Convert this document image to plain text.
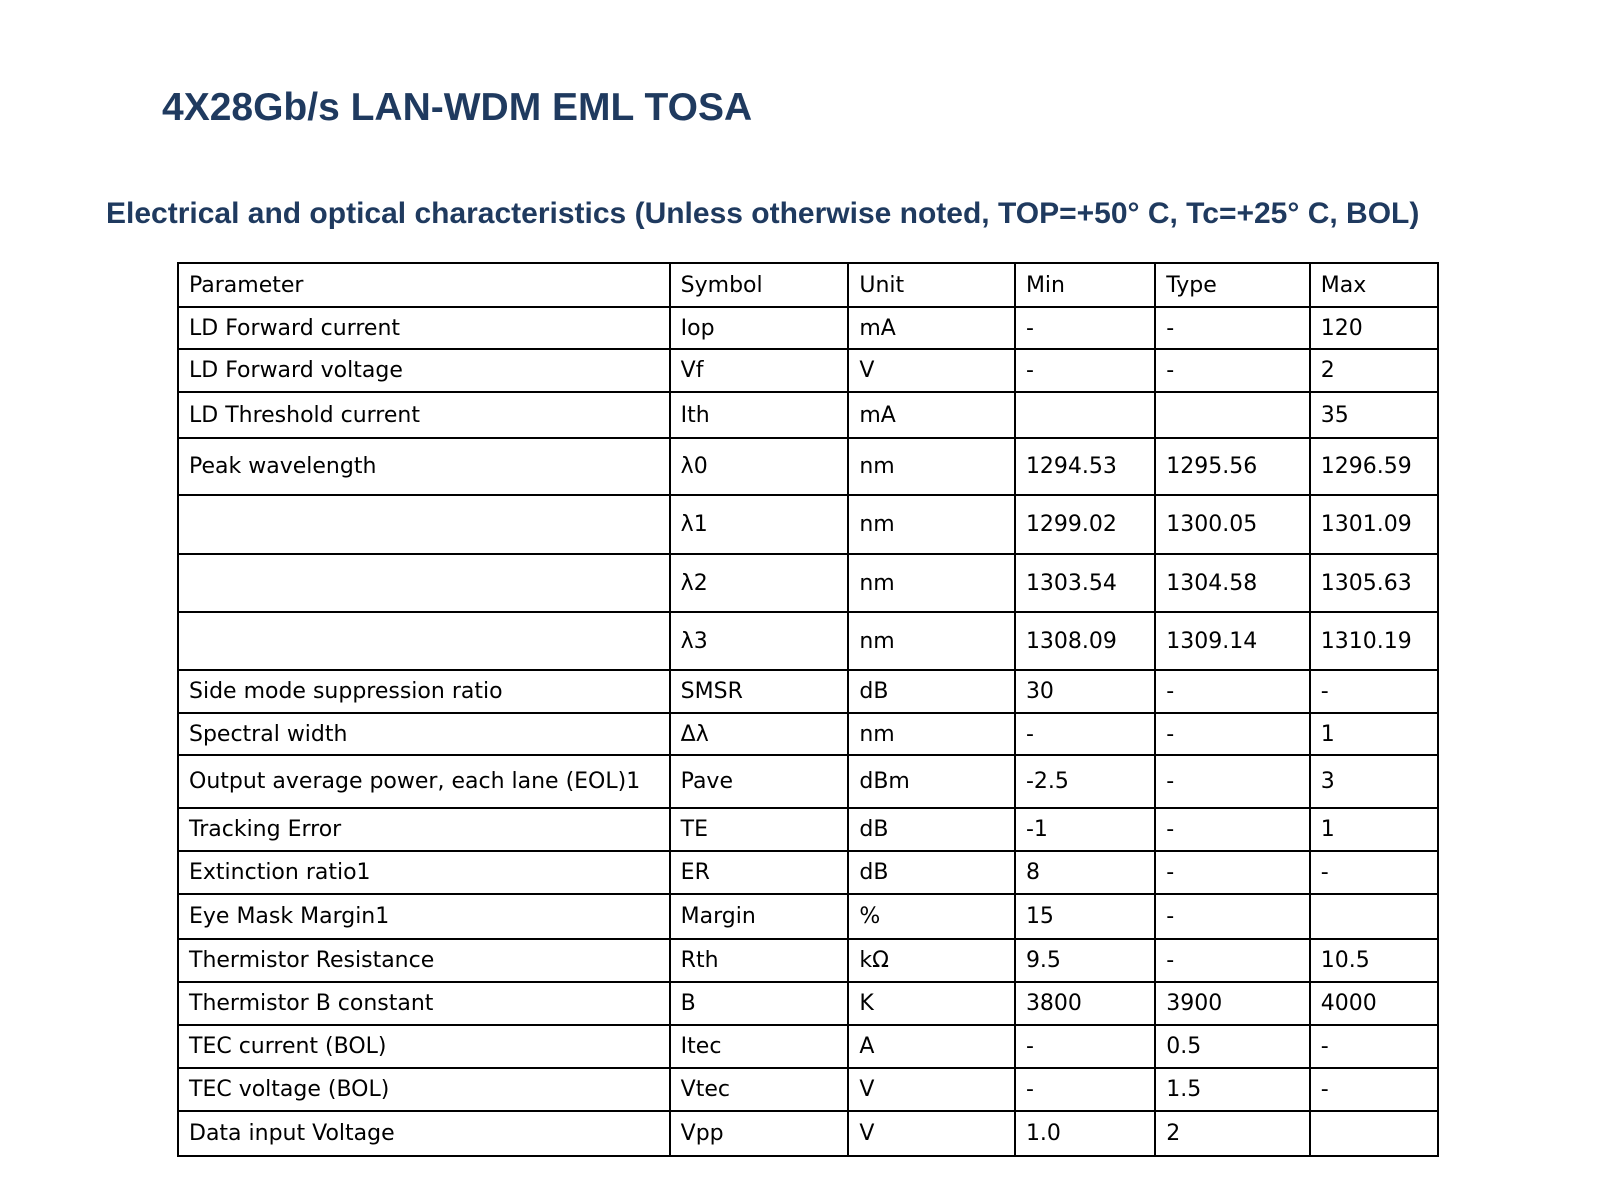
4X28Gb/s LAN-WDM EML TOSA
Electrical and optical characteristics (Unless otherwise noted, TOP=+50° C, Tc=+25° C, BOL)
Parameter	Symbol	Unit	Min	Type	Max
LD Forward current	Iop	mA	-	-	120
LD Forward voltage	Vf	V	-	-	2
LD Threshold current	Ith	mA			35
Peak wavelength	λ0	nm	1294.53	1295.56	1296.59
	λ1	nm	1299.02	1300.05	1301.09
	λ2	nm	1303.54	1304.58	1305.63
	λ3	nm	1308.09	1309.14	1310.19
Side mode suppression ratio	SMSR	dB	30	-	-
Spectral width	Δλ	nm	-	-	1
Output average power, each lane (EOL)1	Pave	dBm	-2.5	-	3
Tracking Error	TE	dB	-1	-	1
Extinction ratio1	ER	dB	8	-	-
Eye Mask Margin1	Margin	%	15	-	
Thermistor Resistance	Rth	kΩ	9.5	-	10.5
Thermistor B constant	B	K	3800	3900	4000
TEC current (BOL)	Itec	A	-	0.5	-
TEC voltage (BOL)	Vtec	V	-	1.5	-
Data input Voltage	Vpp	V	1.0	2	
